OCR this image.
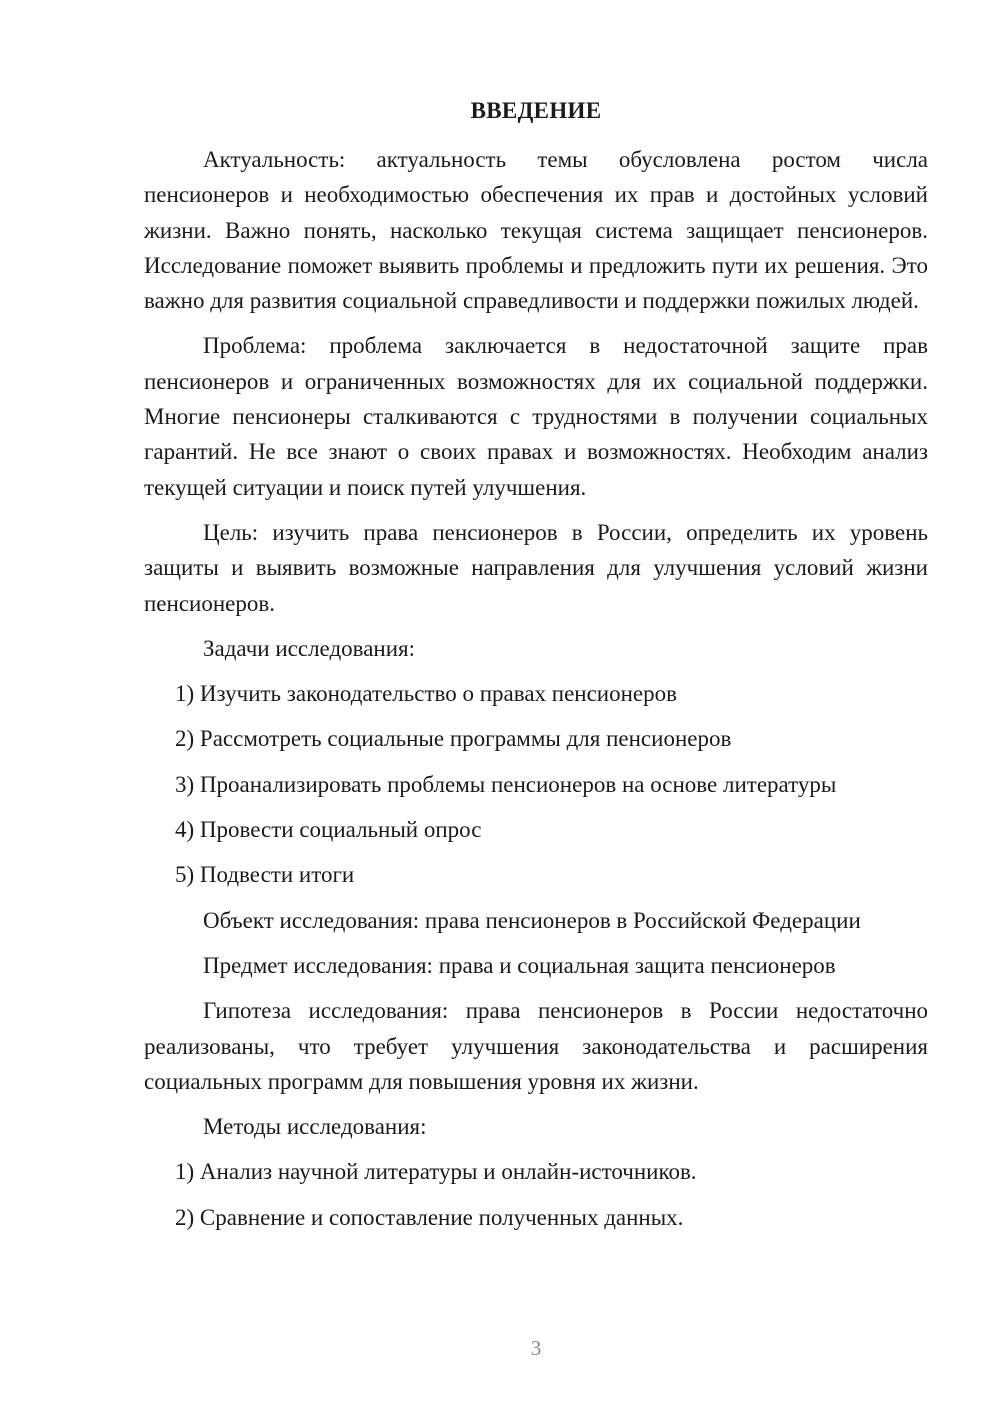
ВВЕДЕНИЕ

Актуальность: актуальность темы обусловлена ростом числа пенсионеров и необходимостью обеспечения их прав и достойных условий жизни. Важно понять, насколько текущая система защищает пенсионеров. Исследование поможет выявить проблемы и предложить пути их решения. Это важно для развития социальной справедливости и поддержки пожилых людей.

Проблема: проблема заключается в недостаточной защите прав пенсионеров и ограниченных возможностях для их социальной поддержки. Многие пенсионеры сталкиваются с трудностями в получении социальных гарантий. Не все знают о своих правах и возможностях. Необходим анализ текущей ситуации и поиск путей улучшения.

Цель: изучить права пенсионеров в России, определить их уровень защиты и выявить возможные направления для улучшения условий жизни пенсионеров.

Задачи исследования:
1) Изучить законодательство о правах пенсионеров
2) Рассмотреть социальные программы для пенсионеров
3) Проанализировать проблемы пенсионеров на основе литературы
4) Провести социальный опрос
5) Подвести итоги
Объект исследования: права пенсионеров в Российской Федерации
Предмет исследования: права и социальная защита пенсионеров

Гипотеза исследования: права пенсионеров в России недостаточно реализованы, что требует улучшения законодательства и расширения социальных программ для повышения уровня их жизни.

Методы исследования:
1) Анализ научной литературы и онлайн-источников.
2) Сравнение и сопоставление полученных данных.
3
